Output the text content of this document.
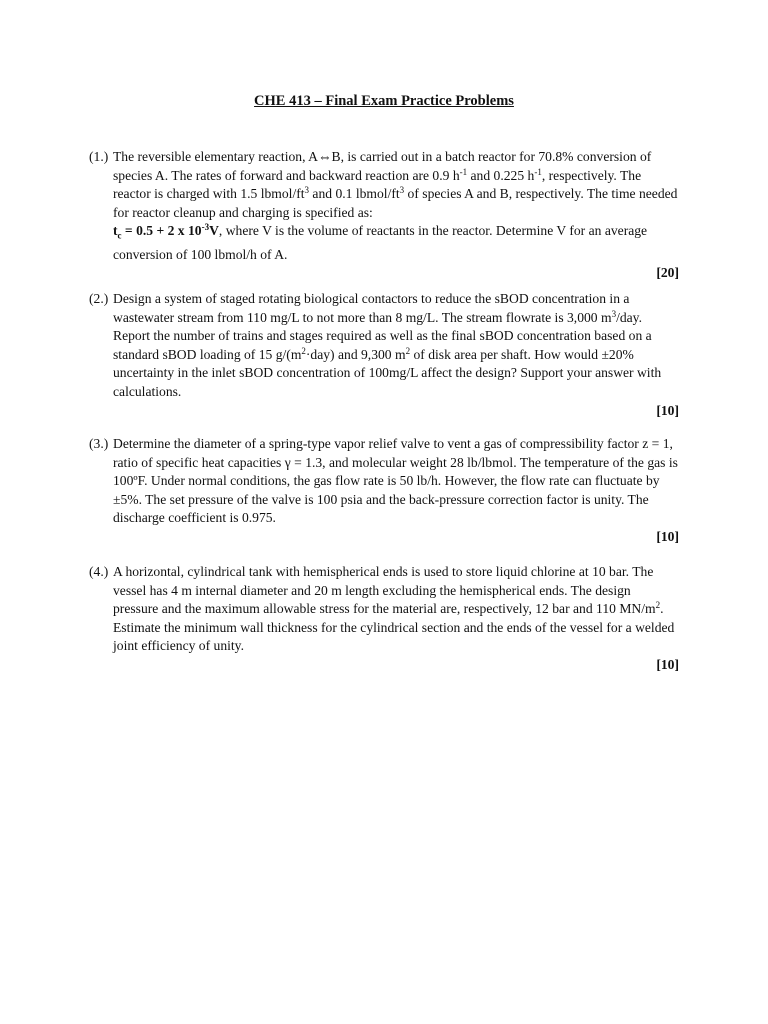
CHE 413 – Final Exam Practice Problems
(1.) The reversible elementary reaction, A⇔B, is carried out in a batch reactor for 70.8% conversion of species A. The rates of forward and backward reaction are 0.9 $h^{-1}$ and 0.225 $h^{-1}$, respectively. The reactor is charged with 1.5 lbmol/$ft^3$ and 0.1 lbmol/$ft^3$ of species A and B, respectively. The time needed for reactor cleanup and charging is specified as:
$t_c = 0.5 + 2$ x $10^{-3}V$, where V is the volume of reactants in the reactor. Determine V for an average conversion of 100 lbmol/h of A.
[20]
(2.) Design a system of staged rotating biological contactors to reduce the sBOD concentration in a wastewater stream from 110 mg/L to not more than 8 mg/L. The stream flowrate is 3,000 $m^3$/day. Report the number of trains and stages required as well as the final sBOD concentration based on a standard sBOD loading of 15 $g/(m^2\cdot day)$ and 9,300 $m^2$ of disk area per shaft. How would ±20% uncertainty in the inlet sBOD concentration of 100mg/L affect the design? Support your answer with calculations.
[10]
(3.) Determine the diameter of a spring-type vapor relief valve to vent a gas of compressibility factor z = 1, ratio of specific heat capacities γ = 1.3, and molecular weight 28 lb/lbmol. The temperature of the gas is 100ºF. Under normal conditions, the gas flow rate is 50 lb/h. However, the flow rate can fluctuate by ±5%. The set pressure of the valve is 100 psia and the back-pressure correction factor is unity. The discharge coefficient is 0.975.
[10]
(4.) A horizontal, cylindrical tank with hemispherical ends is used to store liquid chlorine at 10 bar. The vessel has 4 m internal diameter and 20 m length excluding the hemispherical ends. The design pressure and the maximum allowable stress for the material are, respectively, 12 bar and 110 $MN/m^2$. Estimate the minimum wall thickness for the cylindrical section and the ends of the vessel for a welded joint efficiency of unity.
[10]
